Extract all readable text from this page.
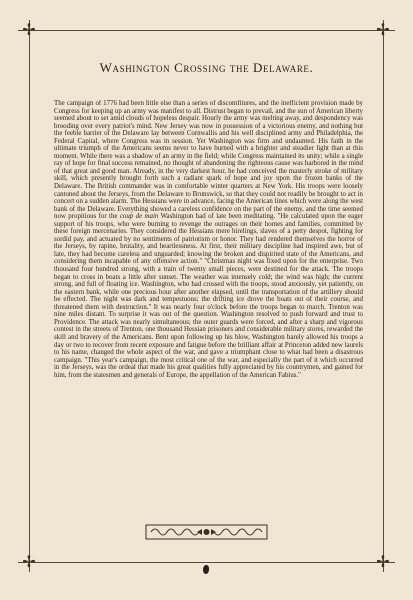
✢	✢
✢	✢
Washington Crossing the Delaware.
The campaign of 1776 had been little else than a series of discomfitures, and the inefficient provision made by Congress for keeping up an army was manifest to all. Distrust began to prevail, and the sun of American liberty seemed about to set amid clouds of hopeless despair. Hourly the army was melting away, and despondency was brooding over every patriot's mind. New Jersey was now in possession of a victorious enemy, and nothing but the feeble barrier of the Delaware lay between Cornwallis and his well disciplined army and Philadelphia, the Federal Capital, where Congress was in session. Yet Washington was firm and undaunted. His faith in the ultimate triumph of the Americans seems never to have burned with a brighter and steadier light than at this moment. While there was a shadow of an army in the field; while Congress maintained its unity; while a single ray of hope for final success remained, no thought of abandoning the righteous cause was harbored in the mind of that great and good man. Already, in the very darkest hour, he had conceived the masterly stroke of military skill, which presently brought forth such a radiant spark of hope and joy upon the frozen banks of the Delaware. The British commander was in comfortable winter quarters at New York. His troops were loosely cantoned about the Jerseys, from the Delaware to Brunswick, so that they could not readily be brought to act in concert on a sudden alarm. The Hessians were in advance, facing the American lines which were along the west bank of the Delaware. Everything showed a careless confidence on the part of the enemy, and the time seemed now propitious for the coup de main Washington had of late been meditating. "He calculated upon the eager support of his troops, who were burning to revenge the outrages on their homes and families, committed by these foreign mercenaries. They considered the Hessians mere hirelings, slaves of a petty despot, fighting for sordid pay, and actuated by no sentiments of patriotism or honor. They had rendered themselves the horror of the Jerseys, by rapine, brutality, and heartlessness. At first, their military discipline had inspired awe, but of late, they had become careless and unguarded; knowing the broken and dispirited state of the Americans, and considering them incapable of any offensive action." "Christmas night was fixed upon for the enterprise. Two thousand four hundred strong, with a train of twenty small pieces, were destined for the attack. The troops began to cross in boats a little after sunset. The weather was intensely cold; the wind was high; the current strong, and full of floating ice. Washington, who had crossed with the troops, stood anxiously, yet patiently, on the eastern bank, while one precious hour after another elapsed, until the transportation of the artillery should be effected. The night was dark and tempestuous; the drifting ice drove the boats out of their course, and threatened them with destruction." It was nearly four o'clock before the troops began to march. Trenton was nine miles distant. To surprise it was out of the question. Washington resolved to push forward and trust to Providence. The attack was nearly simultaneous; the outer guards were forced, and after a sharp and vigorous contest in the streets of Trenton, one thousand Hessian prisoners and considerable military stores, rewarded the skill and bravery of the Americans. Bent upon following up his blow, Washington barely allowed his troops a day or two to recover from recent exposure and fatigue before the brilliant affair at Princeton added new laurels to his name, changed the whole aspect of the war, and gave a triumphant close to what had been a disastrous campaign. "This year's campaign, the most critical one of the war, and especially the part of it which occurred in the Jerseys, was the ordeal that made his great qualities fully appreciated by his countrymen, and gained for him, from the statesmen and generals of Europe, the appellation of the American Fabius."
